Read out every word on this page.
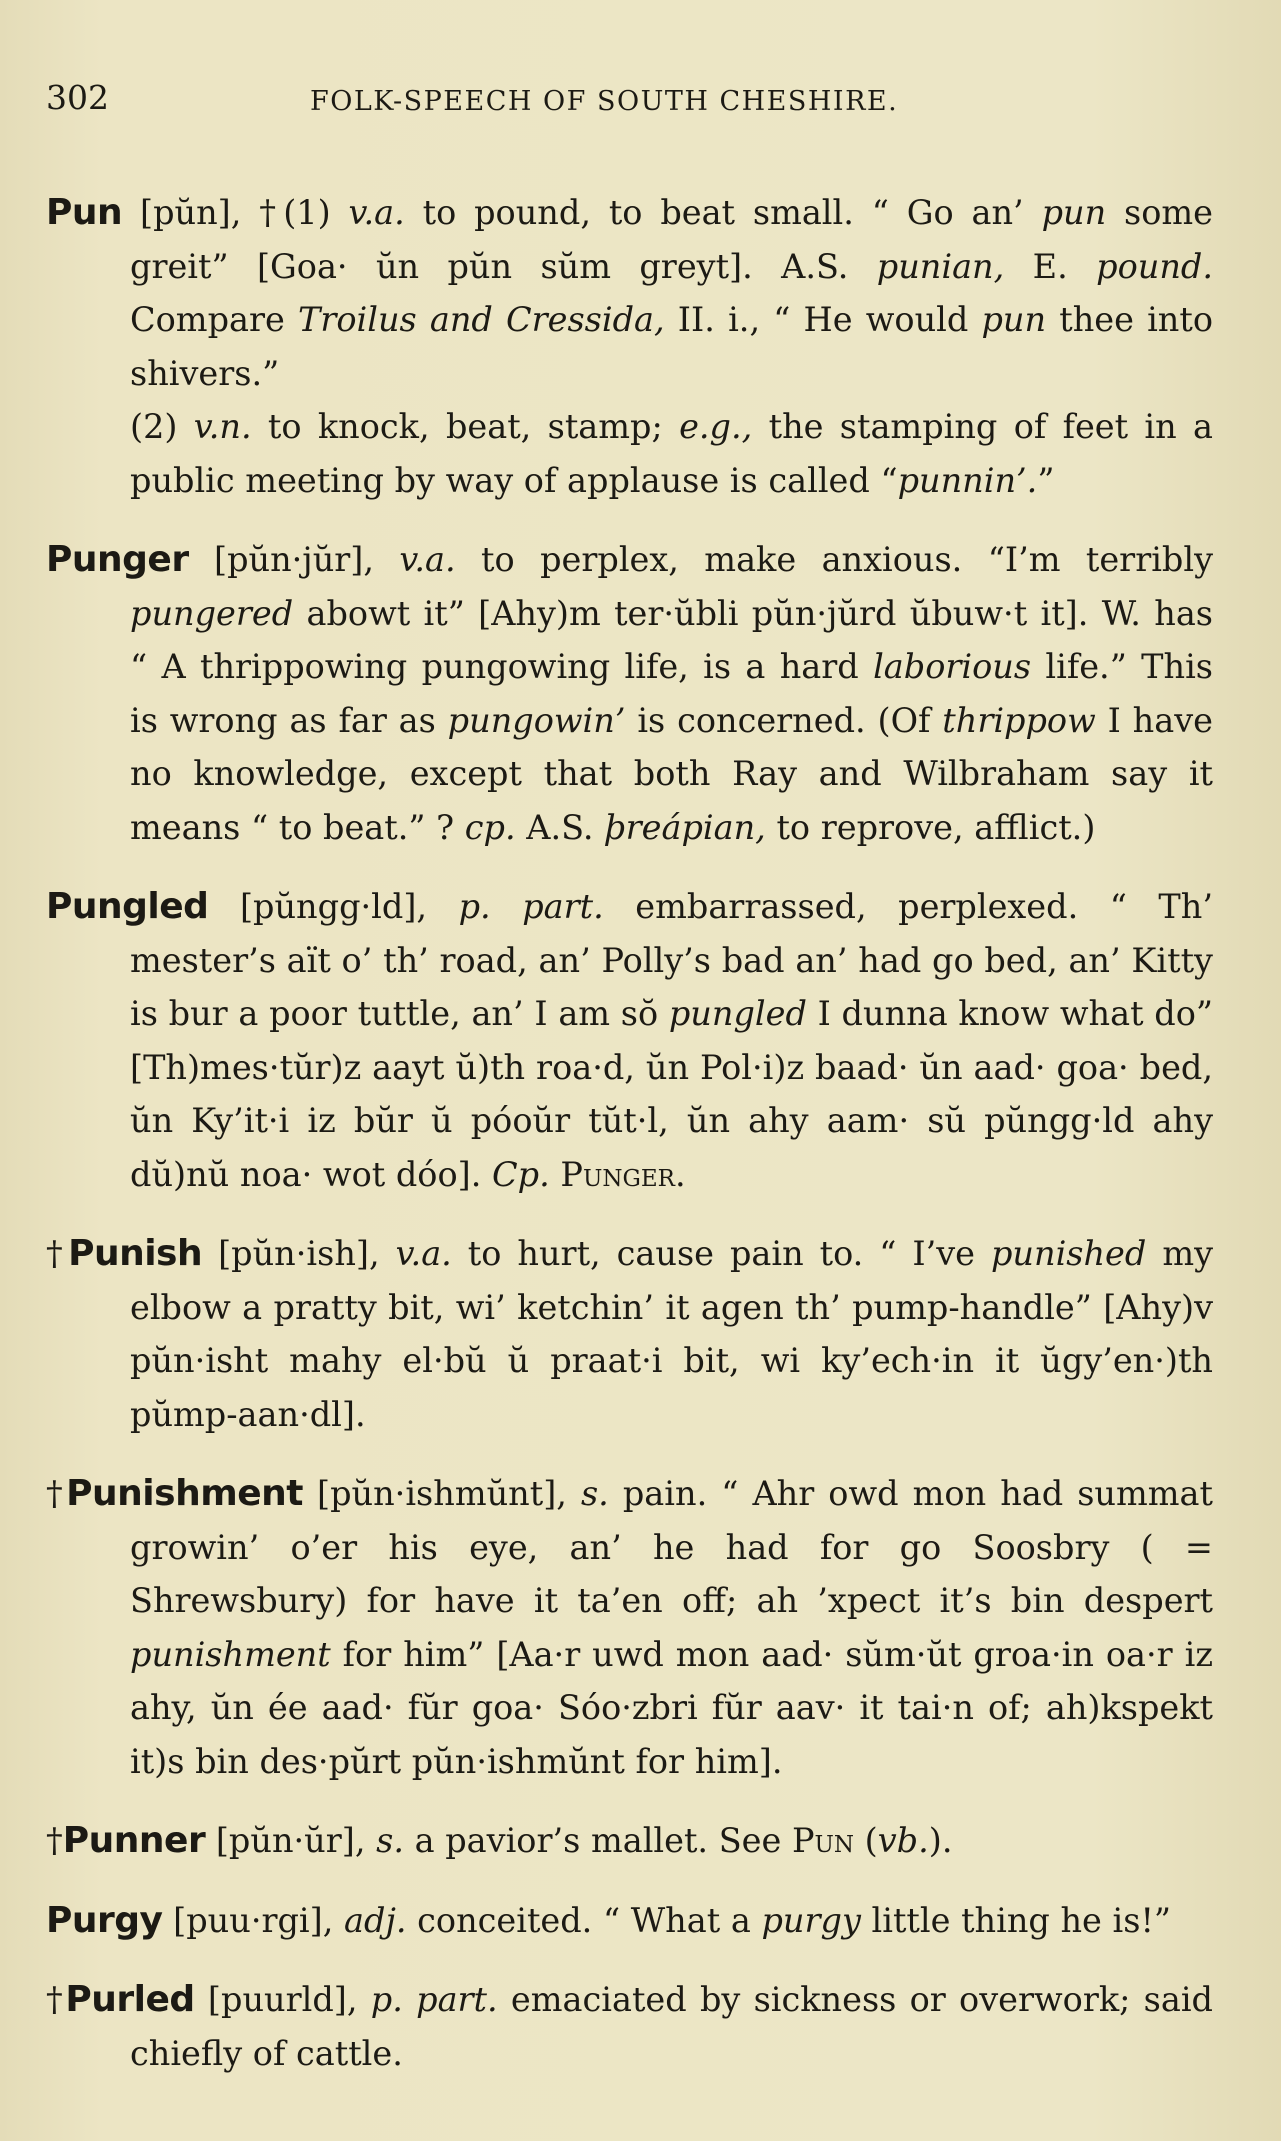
302	FOLK-SPEECH OF SOUTH CHESHIRE.

Pun [pŭn], †(1) v.a. to pound, to beat small. “ Go an’ pun some greit” [Goa· ŭn pŭn sŭm greyt]. A.S. punian, E. pound. Compare Troilus and Cressida, II. i., “ He would pun thee into shivers.”
(2) v.n. to knock, beat, stamp; e.g., the stamping of feet in a public meeting by way of applause is called “punnin’.”

Punger [pŭn·jŭr], v.a. to perplex, make anxious. “I’m terribly pungered abowt it” [Ahy)m ter·ŭbli pŭn·jŭrd ŭbuw·t it]. W. has “ A thrippowing pungowing life, is a hard laborious life.” This is wrong as far as pungowin’ is concerned. (Of thrippow I have no knowledge, except that both Ray and Wilbraham say it means “ to beat.” ? cp. A.S. þreápian, to reprove, afflict.)

Pungled [pŭngg·ld], p. part. embarrassed, perplexed. “ Th’ mester’s aït o’ th’ road, an’ Polly’s bad an’ had go bed, an’ Kitty is bur a poor tuttle, an’ I am sŏ pungled I dunna know what do” [Th)mes·tŭr)z aayt ŭ)th roa·d, ŭn Pol·i)z baad· ŭn aad· goa· bed, ŭn Ky’it·i iz bŭr ŭ póoŭr tŭt·l, ŭn ahy aam· sŭ pŭngg·ld ahy dŭ)nŭ noa· wot dóo]. Cp. Punger.

†Punish [pŭn·ish], v.a. to hurt, cause pain to. “ I’ve punished my elbow a pratty bit, wi’ ketchin’ it agen th’ pump-handle” [Ahy)v pŭn·isht mahy el·bŭ ŭ praat·i bit, wi ky’ech·in it ŭgy’en·)th pŭmp-aan·dl].

†Punishment [pŭn·ishmŭnt], s. pain. “ Ahr owd mon had summat growin’ o’er his eye, an’ he had for go Soosbry ( = Shrewsbury) for have it ta’en off; ah ’xpect it’s bin despert punishment for him” [Aa·r uwd mon aad· sŭm·ŭt groa·in oa·r iz ahy, ŭn ée aad· fŭr goa· Sóo·zbri fŭr aav· it tai·n of; ah)kspekt it)s bin des·pŭrt pŭn·ishmŭnt for him].

†Punner [pŭn·ŭr], s. a pavior’s mallet. See Pun (vb.).

Purgy [puu·rgi], adj. conceited. “ What a purgy little thing he is!”

†Purled [puurld], p. part. emaciated by sickness or overwork; said chiefly of cattle.
